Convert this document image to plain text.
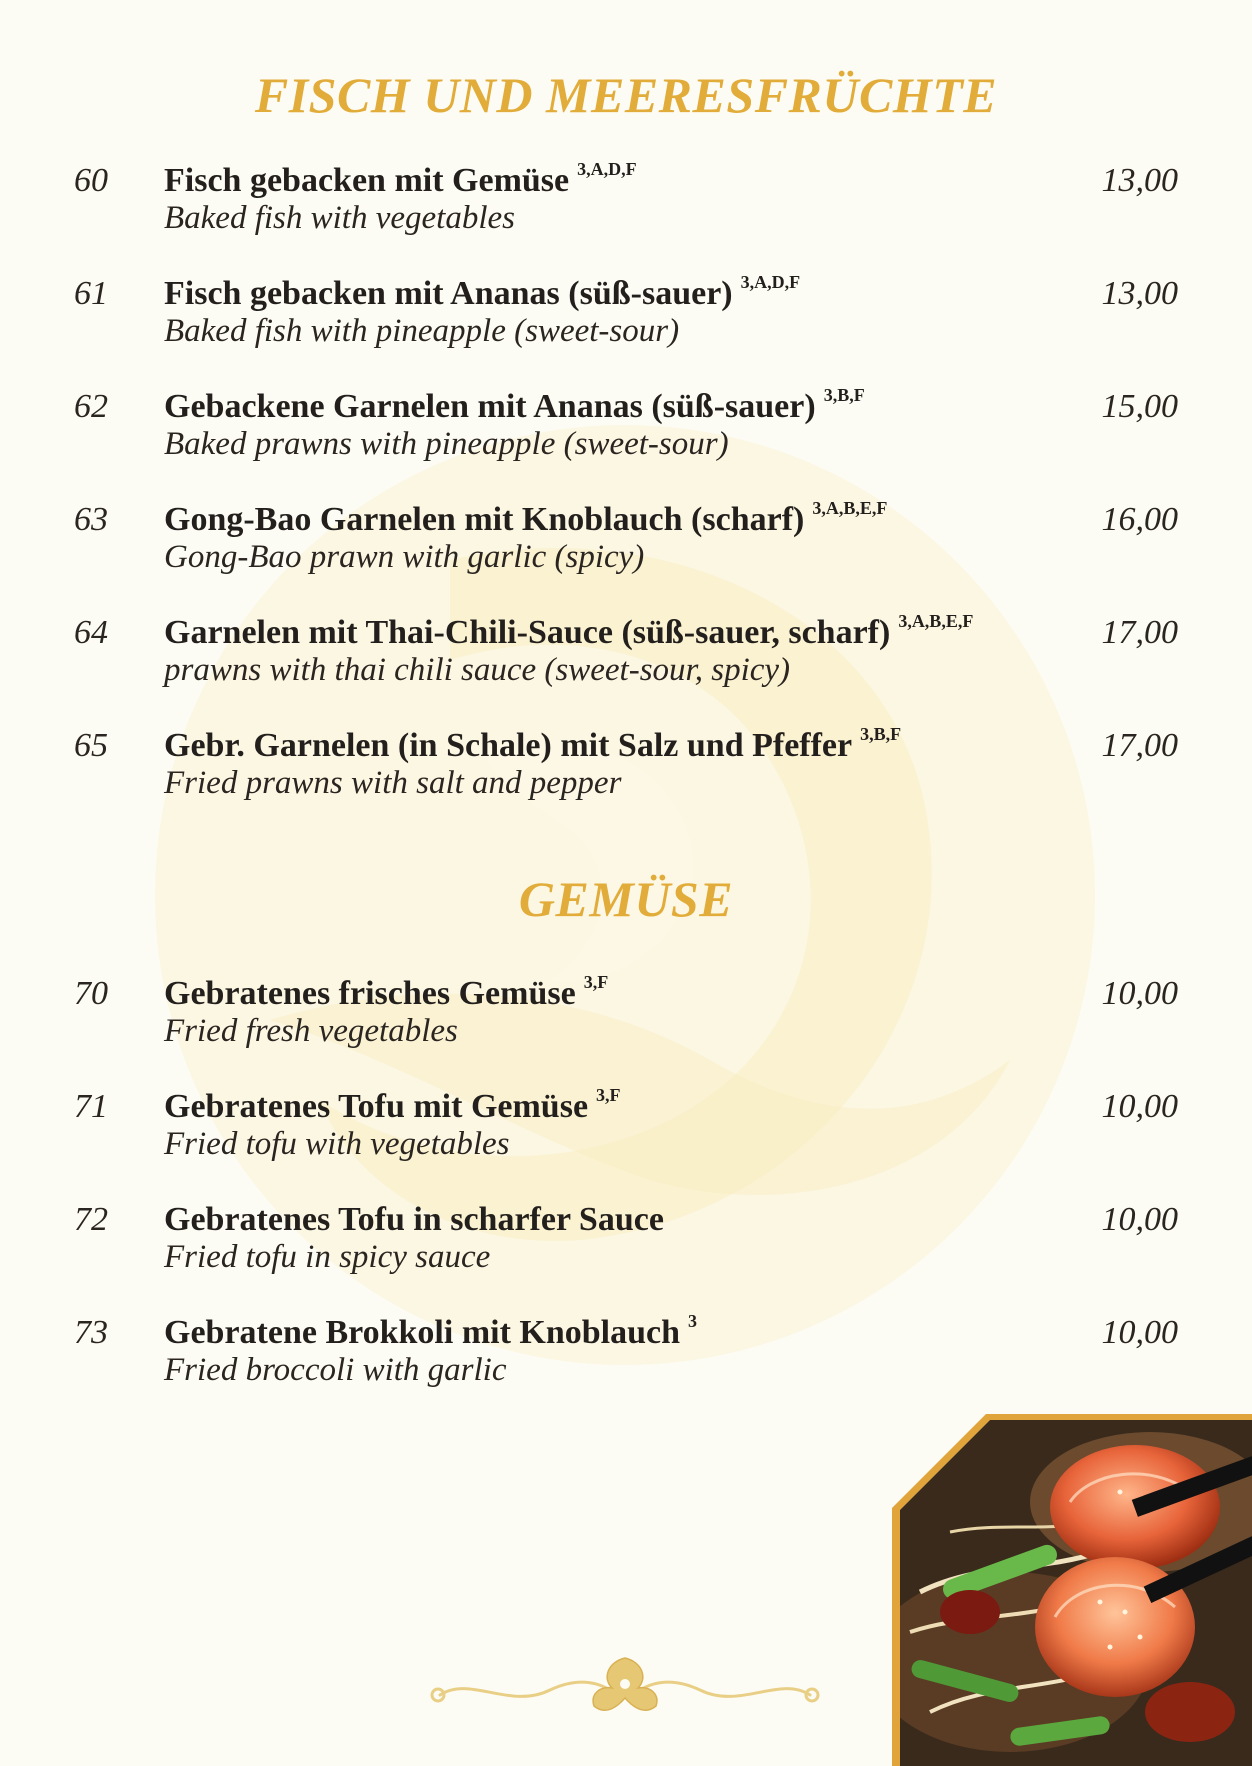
FISCH UND MEERESFRÜCHTE
60 Fisch gebacken mit Gemüse $^{3,A,D,F}$
Baked fish with vegetables
13,00
61 Fisch gebacken mit Ananas (süß-sauer) $^{3,A,D,F}$
Baked fish with pineapple (sweet-sour)
13,00
62 Gebackene Garnelen mit Ananas (süß-sauer) $^{3,B,F}$
Baked prawns with pineapple (sweet-sour)
15,00
63 Gong-Bao Garnelen mit Knoblauch (scharf) $^{3,A,B,E,F}$
Gong-Bao prawn with garlic (spicy)
16,00
64 Garnelen mit Thai-Chili-Sauce (süß-sauer, scharf) $^{3,A,B,E,F}$
prawns with thai chili sauce (sweet-sour, spicy)
17,00
65 Gebr. Garnelen (in Schale) mit Salz und Pfeffer $^{3,B,F}$
Fried prawns with salt and pepper
17,00
GEMÜSE
70 Gebratenes frisches Gemüse $^{3,F}$
Fried fresh vegetables
10,00
71 Gebratenes Tofu mit Gemüse $^{3,F}$
Fried tofu with vegetables
10,00
72 Gebratenes Tofu in scharfer Sauce
Fried tofu in spicy sauce
10,00
73 Gebratene Brokkoli mit Knoblauch $^3$
Fried broccoli with garlic
10,00
